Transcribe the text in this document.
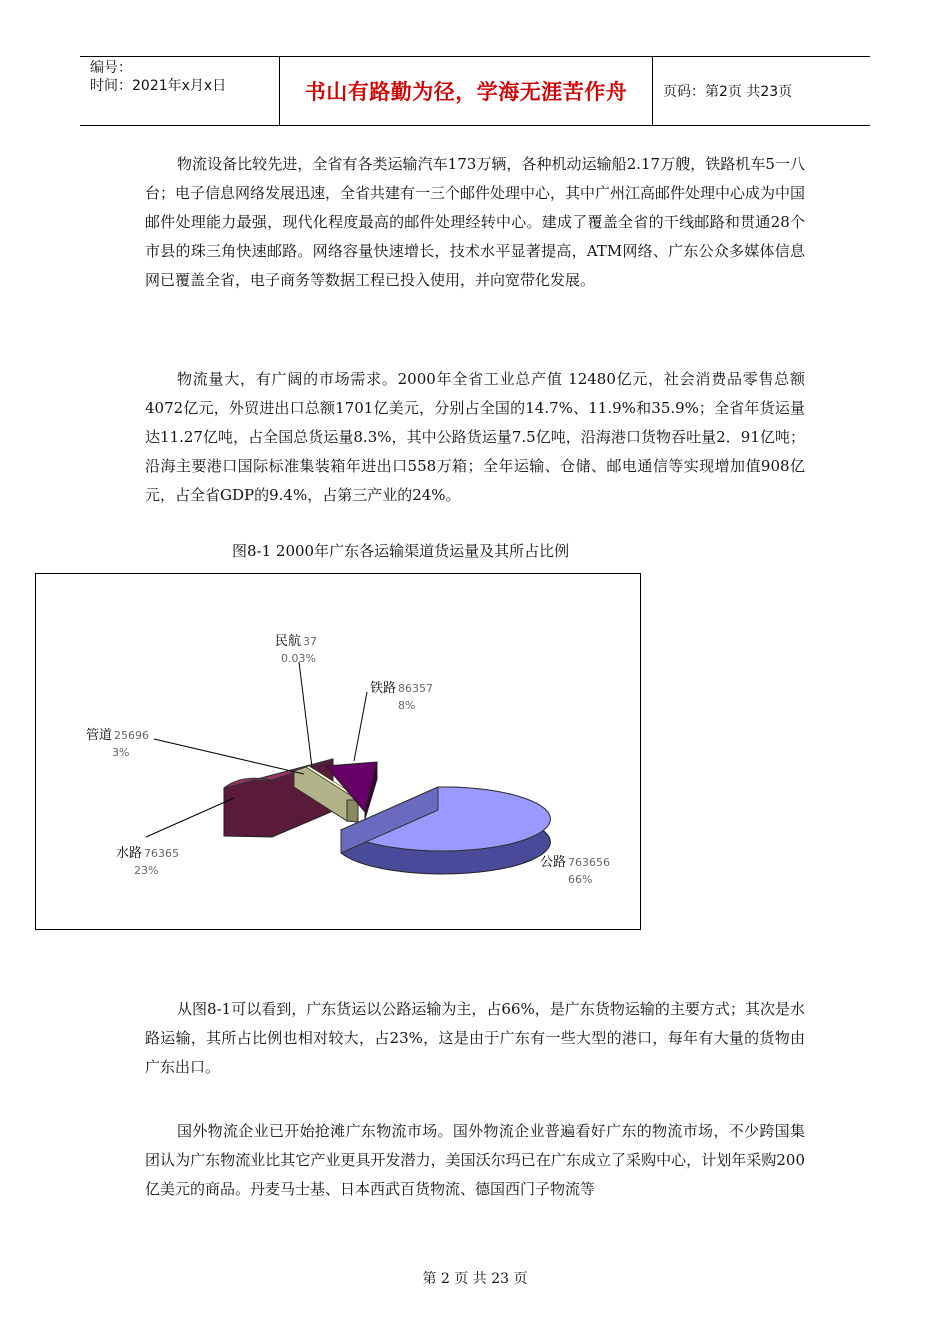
编号：
时间：2021年x月x日	书山有路勤为径，学海无涯苦作舟	页码：第2页 共23页
物流设备比较先进，全省有各类运输汽车173万辆，各种机动运输船2.17万艘，铁路机车5一八台；电子信息网络发展迅速，全省共建有一三个邮件处理中心，其中广州江高邮件处理中心成为中国邮件处理能力最强，现代化程度最高的邮件处理经转中心。建成了覆盖全省的干线邮路和贯通28个市县的珠三角快速邮路。网络容量快速增长，技术水平显著提高，ATM网络、广东公众多媒体信息网已覆盖全省，电子商务等数据工程已投入使用，并向宽带化发展。
物流量大，有广阔的市场需求。2000年全省工业总产值 12480亿元，社会消费品零售总额4072亿元，外贸进出口总额1701亿美元，分别占全国的14.7%、11.9%和35.9%；全省年货运量达11.27亿吨，占全国总货运量8.3%，其中公路货运量7.5亿吨，沿海港口货物吞吐量2．91亿吨；沿海主要港口国际标准集装箱年进出口558万箱；全年运输、仓储、邮电通信等实现增加值908亿元，占全省GDP的9.4%，占第三产业的24%。
图8-1 2000年广东各运输渠道货运量及其所占比例
民航 37
0.03%
铁路 86357
8%
管道 25696
3%
水路 76365
23%
公路 763656
66%
从图8-1可以看到，广东货运以公路运输为主，占66%，是广东货物运输的主要方式；其次是水路运输，其所占比例也相对较大，占23%，这是由于广东有一些大型的港口，每年有大量的货物由广东出口。
国外物流企业已开始抢滩广东物流市场。国外物流企业普遍看好广东的物流市场，不少跨国集团认为广东物流业比其它产业更具开发潜力，美国沃尔玛已在广东成立了采购中心，计划年采购200亿美元的商品。丹麦马士基、日本西武百货物流、德国西门子物流等
第 2 页 共 23 页
